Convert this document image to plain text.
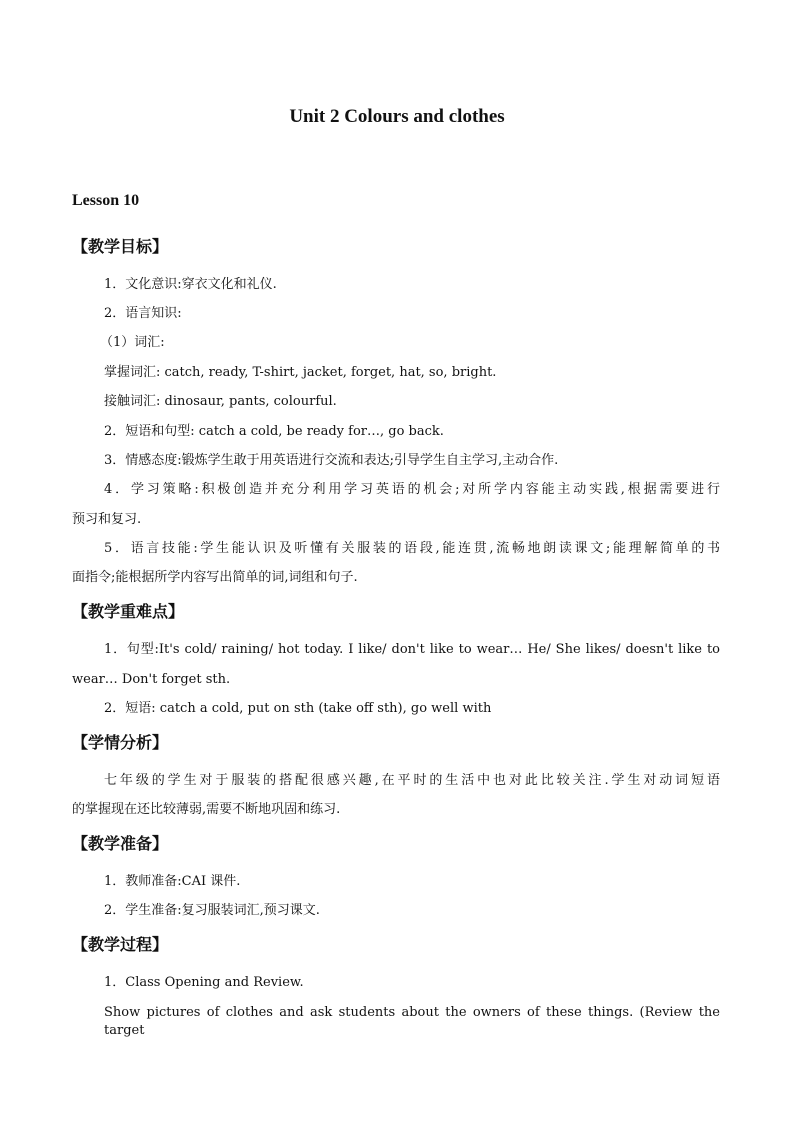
Unit 2 Colours and clothes
Lesson 10
【教学目标】
1．文化意识:穿衣文化和礼仪.
2．语言知识:
（1）词汇:
掌握词汇: catch, ready, T-shirt, jacket, forget, hat, so, bright.
接触词汇: dinosaur, pants, colourful.
2．短语和句型: catch a cold, be ready for…, go back.
3．情感态度:锻炼学生敢于用英语进行交流和表达;引导学生自主学习,主动合作.
4．学习策略:积极创造并充分利用学习英语的机会;对所学内容能主动实践,根据需要进行
预习和复习.
5．语言技能:学生能认识及听懂有关服装的语段,能连贯,流畅地朗读课文;能理解简单的书
面指令;能根据所学内容写出简单的词,词组和句子.
【教学重难点】
1．句型:It's cold/ raining/ hot today. I like/ don't like to wear… He/ She likes/ doesn't like to
wear… Don't forget sth.
2．短语: catch a cold, put on sth (take off sth), go well with
【学情分析】
七年级的学生对于服装的搭配很感兴趣,在平时的生活中也对此比较关注.学生对动词短语
的掌握现在还比较薄弱,需要不断地巩固和练习.
【教学准备】
1．教师准备:CAI 课件.
2．学生准备:复习服装词汇,预习课文.
【教学过程】
1．Class Opening and Review.
Show pictures of clothes and ask students about the owners of these things. (Review the target
